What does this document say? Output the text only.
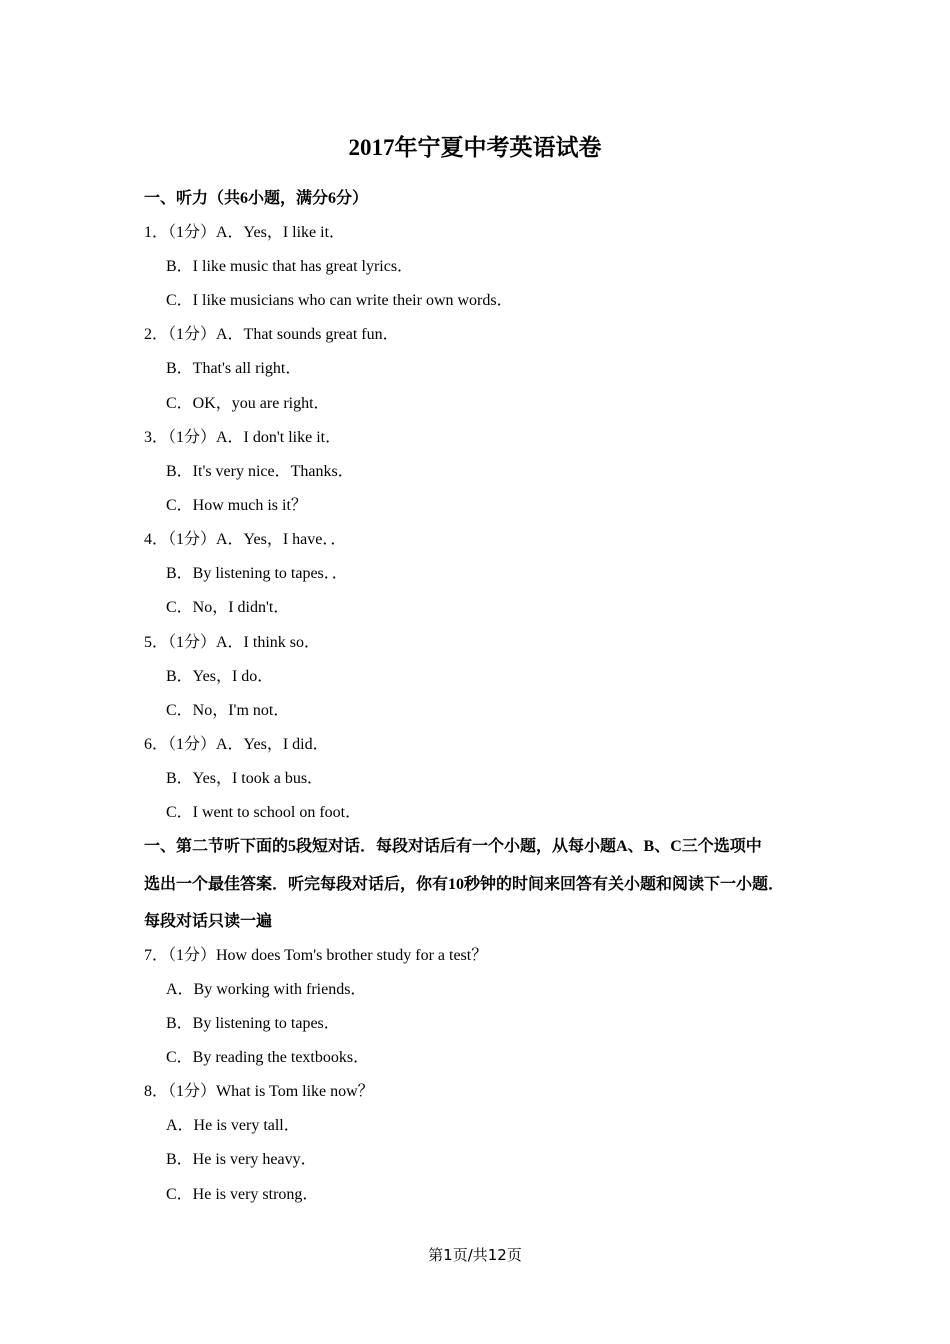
2017年宁夏中考英语试卷
一、听力（共6小题，满分6分）
1．（1分）A．Yes，I like it．
B．I like music that has great lyrics．
C．I like musicians who can write their own words．
2．（1分）A．That sounds great fun．
B．That's all right．
C．OK，you are right．
3．（1分）A．I don't like it．
B．It's very nice．Thanks．
C．How much is it？
4．（1分）A．Yes，I have．．
B．By listening to tapes．．
C．No，I didn't．
5．（1分）A．I think so．
B．Yes，I do．
C．No，I'm not．
6．（1分）A．Yes，I did．
B．Yes，I took a bus．
C．I went to school on foot．
一、第二节听下面的5段短对话．每段对话后有一个小题，从每小题A、B、C三个选项中
选出一个最佳答案．听完每段对话后，你有10秒钟的时间来回答有关小题和阅读下一小题．
每段对话只读一遍
7．（1分）How does Tom's brother study for a test？
A．By working with friends．
B．By listening to tapes．
C．By reading the textbooks．
8．（1分）What is Tom like now？
A．He is very tall．
B．He is very heavy．
C．He is very strong．
第1页/共12页
